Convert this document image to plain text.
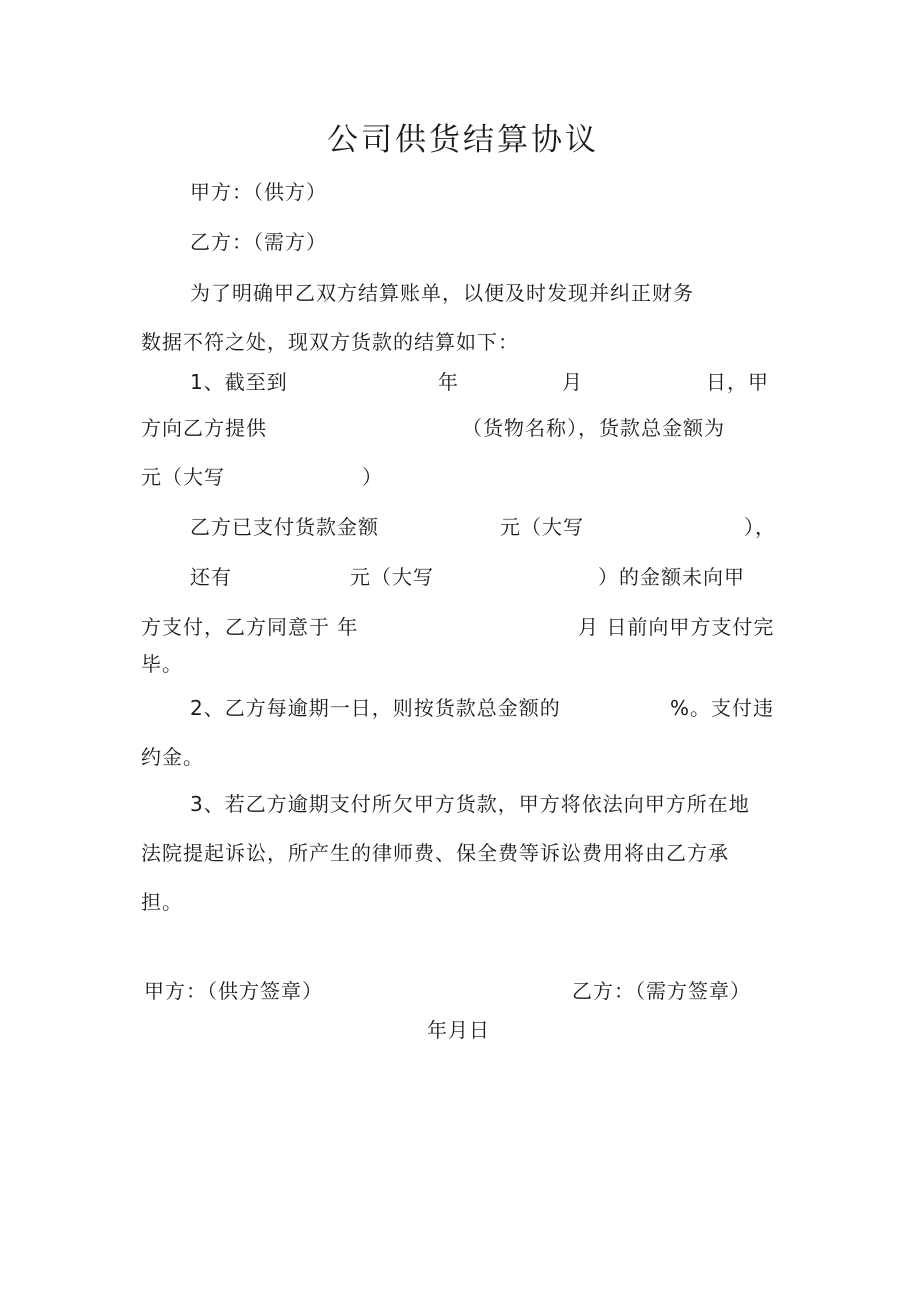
公司供货结算协议
甲方：（供方）
乙方：（需方）
为了明确甲乙双方结算账单，以便及时发现并纠正财务
数据不符之处，现双方货款的结算如下：
1、截至到	年	月	日，甲
方向乙方提供	（货物名称），货款总金额为
元（大写	）
乙方已支付货款金额	元（大写	），
还有	元（大写	）的金额未向甲
方支付，乙方同意于 年	月 日前向甲方支付完
毕。
2、乙方每逾期一日，则按货款总金额的	%。支付违
约金。
3、若乙方逾期支付所欠甲方货款，甲方将依法向甲方所在地
法院提起诉讼，所产生的律师费、保全费等诉讼费用将由乙方承
担。
甲方：（供方签章）	乙方：（需方签章）
年月日
